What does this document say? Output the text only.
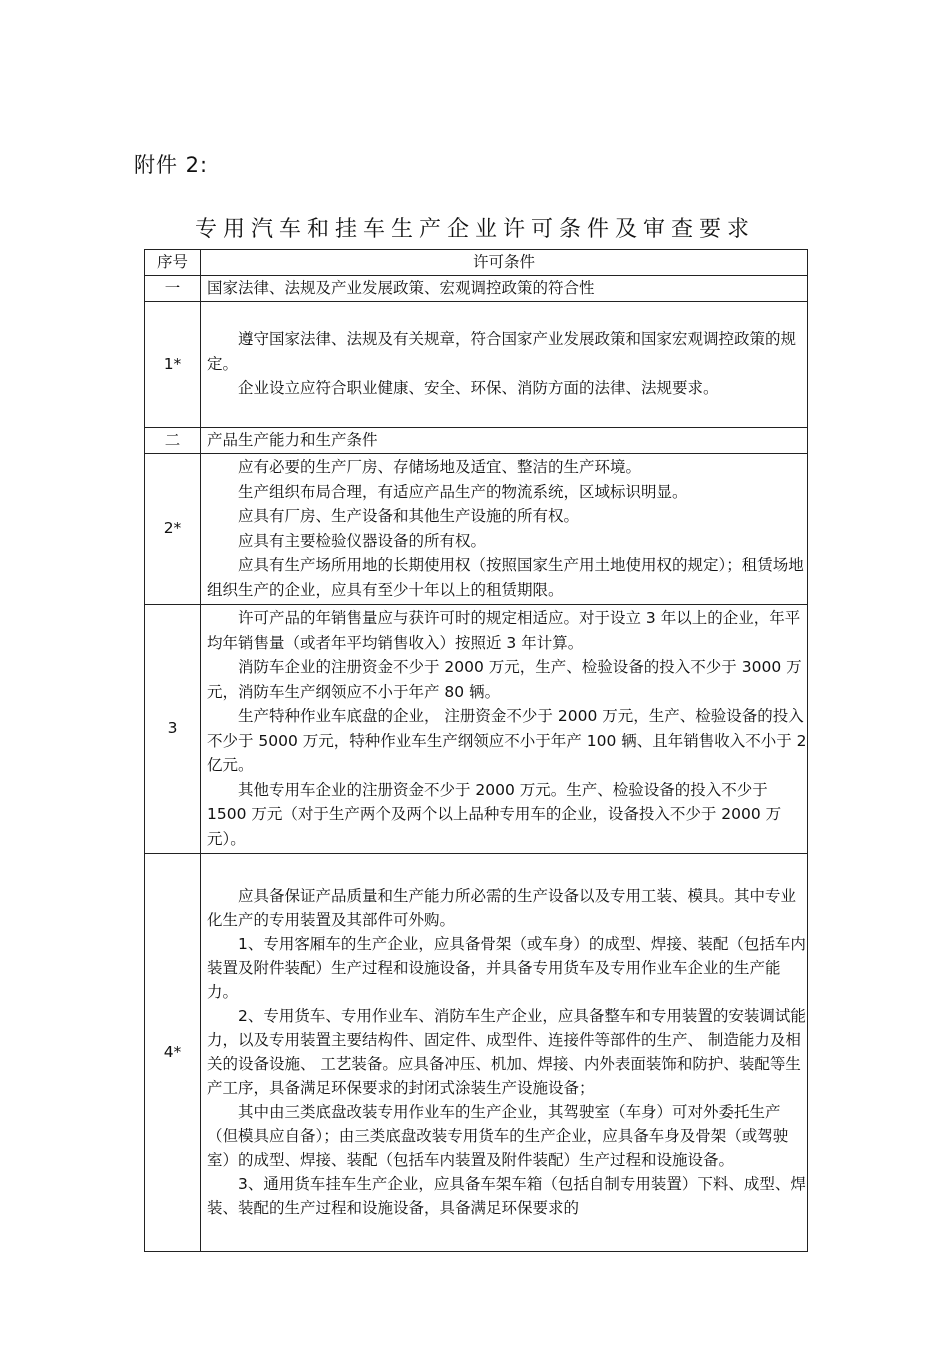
附件 2:
专用汽车和挂车生产企业许可条件及审查要求
序号	许可条件
一	国家法律、法规及产业发展政策、宏观调控政策的符合性
1*	遵守国家法律、法规及有关规章，符合国家产业发展政策和国家宏观调控政策的规定。

企业设立应符合职业健康、安全、环保、消防方面的法律、法规要求。

二	产品生产能力和生产条件
2*	应有必要的生产厂房、存储场地及适宜、整洁的生产环境。

生产组织布局合理，有适应产品生产的物流系统，区域标识明显。

应具有厂房、生产设备和其他生产设施的所有权。

应具有主要检验仪器设备的所有权。

应具有生产场所用地的长期使用权（按照国家生产用土地使用权的规定）；租赁场地组织生产的企业，应具有至少十年以上的租赁期限。

3	许可产品的年销售量应与获许可时的规定相适应。对于设立 3 年以上的企业，年平均年销售量（或者年平均销售收入）按照近 3 年计算。

消防车企业的注册资金不少于 2000 万元，生产、检验设备的投入不少于 3000 万元，消防车生产纲领应不小于年产 80 辆。

生产特种作业车底盘的企业， 注册资金不少于 2000 万元，生产、检验设备的投入不少于 5000 万元，特种作业车生产纲领应不小于年产 100 辆、且年销售收入不小于 2 亿元。

其他专用车企业的注册资金不少于 2000 万元。生产、检验设备的投入不少于 1500 万元（对于生产两个及两个以上品种专用车的企业，设备投入不少于 2000 万元）。

4*	应具备保证产品质量和生产能力所必需的生产设备以及专用工装、模具。其中专业化生产的专用装置及其部件可外购。

1、专用客厢车的生产企业，应具备骨架（或车身）的成型、焊接、装配（包括车内装置及附件装配）生产过程和设施设备，并具备专用货车及专用作业车企业的生产能力。

2、专用货车、专用作业车、消防车生产企业，应具备整车和专用装置的安装调试能力，以及专用装置主要结构件、固定件、成型件、连接件等部件的生产、 制造能力及相关的设备设施、 工艺装备。应具备冲压、机加、焊接、内外表面装饰和防护、装配等生产工序，具备满足环保要求的封闭式涂装生产设施设备；

其中由三类底盘改装专用作业车的生产企业，其驾驶室（车身）可对外委托生产（但模具应自备）；由三类底盘改装专用货车的生产企业，应具备车身及骨架（或驾驶室）的成型、焊接、装配（包括车内装置及附件装配）生产过程和设施设备。

3、通用货车挂车生产企业，应具备车架车箱（包括自制专用装置）下料、成型、焊装、装配的生产过程和设施设备，具备满足环保要求的
